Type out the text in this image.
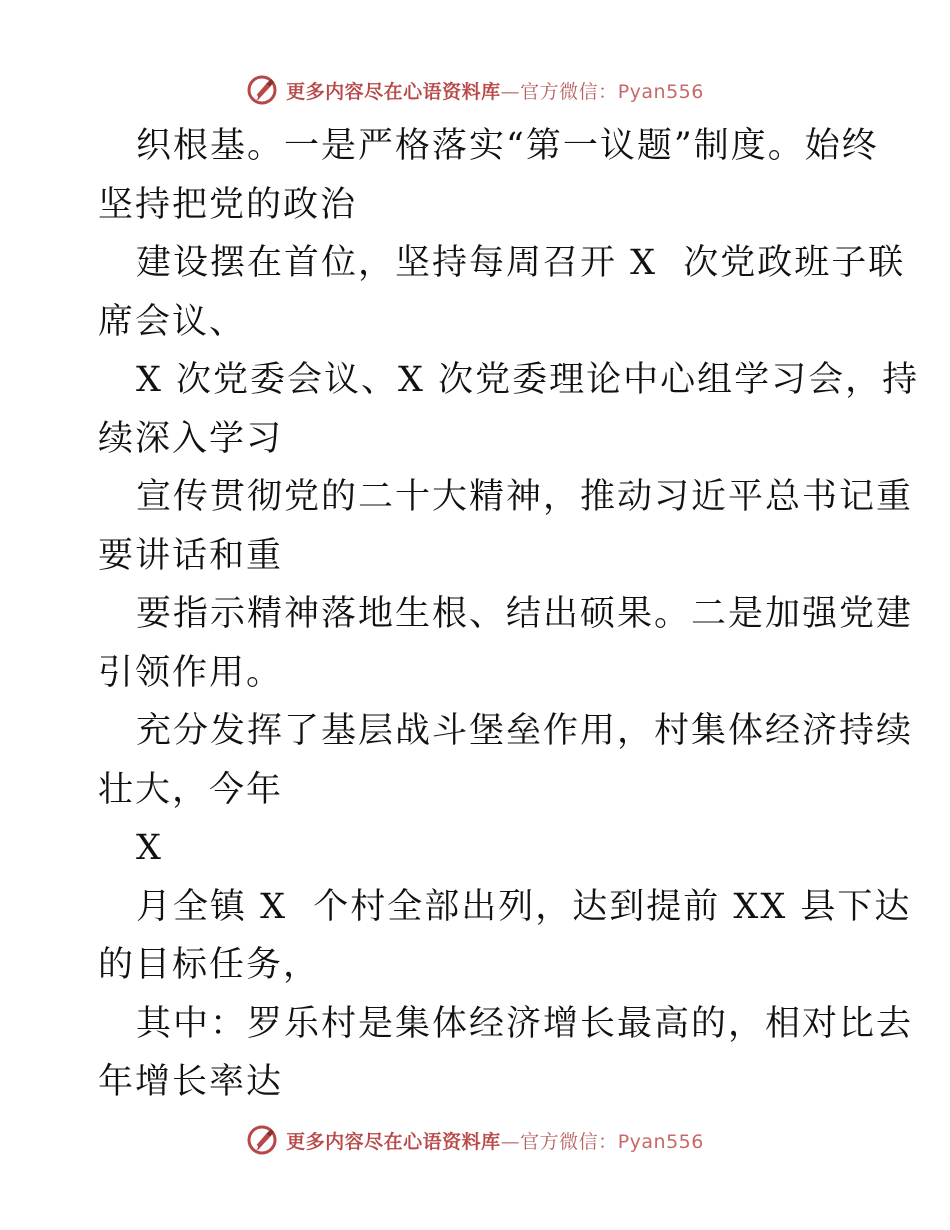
更多内容尽在心语资料库—官方微信：Pyan556
织根基。一是严格落实“第一议题”制度。始终
坚持把党的政治
建设摆在首位，坚持每周召开 X  次党政班子联
席会议、
X 次党委会议、X 次党委理论中心组学习会，持
续深入学习
宣传贯彻党的二十大精神，推动习近平总书记重
要讲话和重
要指示精神落地生根、结出硕果。二是加强党建
引领作用。
充分发挥了基层战斗堡垒作用，村集体经济持续
壮大，今年
X
月全镇 X  个村全部出列，达到提前 XX 县下达
的目标任务，
其中：罗乐村是集体经济增长最高的，相对比去
年增长率达
更多内容尽在心语资料库—官方微信：Pyan556
